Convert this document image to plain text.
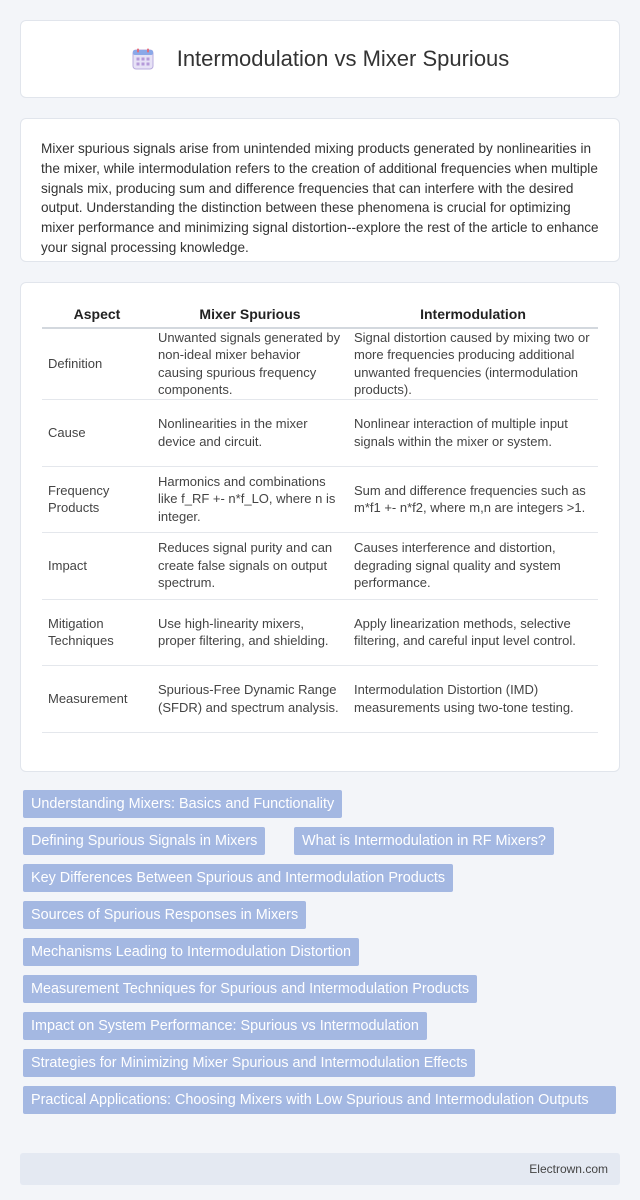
Intermodulation vs Mixer Spurious
Mixer spurious signals arise from unintended mixing products generated by nonlinearities in the mixer, while intermodulation refers to the creation of additional frequencies when multiple signals mix, producing sum and difference frequencies that can interfere with the desired output. Understanding the distinction between these phenomena is crucial for optimizing mixer performance and minimizing signal distortion--explore the rest of the article to enhance your signal processing knowledge.
Aspect	Mixer Spurious	Intermodulation
Definition	Unwanted signals generated by non-ideal mixer behavior causing spurious frequency components.	Signal distortion caused by mixing two or more frequencies producing additional unwanted frequencies (intermodulation products).
Cause	Nonlinearities in the mixer device and circuit.	Nonlinear interaction of multiple input signals within the mixer or system.
Frequency Products	Harmonics and combinations like f_RF +- n*f_LO, where n is integer.	Sum and difference frequencies such as m*f1 +- n*f2, where m,n are integers >1.
Impact	Reduces signal purity and can create false signals on output spectrum.	Causes interference and distortion, degrading signal quality and system performance.
Mitigation Techniques	Use high-linearity mixers, proper filtering, and shielding.	Apply linearization methods, selective filtering, and careful input level control.
Measurement	Spurious-Free Dynamic Range (SFDR) and spectrum analysis.	Intermodulation Distortion (IMD) measurements using two-tone testing.
Understanding Mixers: Basics and Functionality
Defining Spurious Signals in Mixers	What is Intermodulation in RF Mixers?
Key Differences Between Spurious and Intermodulation Products
Sources of Spurious Responses in Mixers
Mechanisms Leading to Intermodulation Distortion
Measurement Techniques for Spurious and Intermodulation Products
Impact on System Performance: Spurious vs Intermodulation
Strategies for Minimizing Mixer Spurious and Intermodulation Effects
Practical Applications: Choosing Mixers with Low Spurious and Intermodulation Outputs
Electrown.com
